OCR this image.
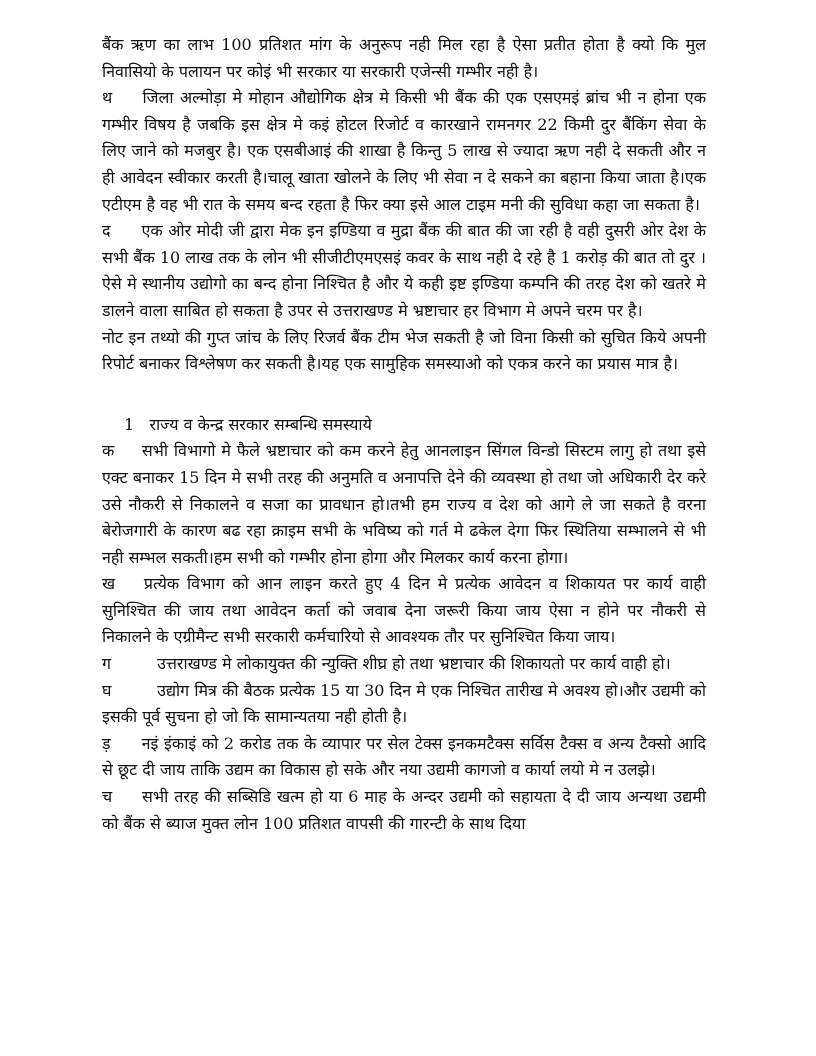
बैंक ऋण का लाभ 100 प्रतिशत मांग के अनुरूप नही मिल रहा है ऐसा प्रतीत होता है क्यो कि मुल निवासियो के पलायन पर कोइं भी सरकार या सरकारी एजेन्सी गम्भीर नही है।

थ जिला अल्मोड़ा मे मोहान औद्योगिक क्षेत्र मे किसी भी बैंक की एक एसएमइं ब्रांच भी न होना एक गम्भीर विषय है जबकि इस क्षेत्र मे कइं होटल रिजोर्ट व कारखाने रामनगर 22 किमी दुर बैंकिंग सेवा के लिए जाने को मजबुर है। एक एसबीआइं की शाखा है किन्तु 5 लाख से ज्यादा ऋण नही दे सकती और न ही आवेदन स्वीकार करती है।चालू खाता खोलने के लिए भी सेवा न दे सकने का बहाना किया जाता है।एक एटीएम है वह भी रात के समय बन्द रहता है फिर क्या इसे आल टाइम मनी की सुविधा कहा जा सकता है।

द एक ओर मोदी जी द्वारा मेक इन इण्डिया व मुद्रा बैंक की बात की जा रही है वही दुसरी ओर देश के सभी बैंक 10 लाख तक के लोन भी सीजीटीएमएसइं कवर के साथ नही दे रहे है 1 करोड़ की बात तो दुर । ऐसे मे स्थानीय उद्योगो का बन्द होना निश्चित है और ये कही इष्ट इण्डिया कम्पनि की तरह देश को खतरे मे डालने वाला साबित हो सकता है उपर से उत्तराखण्ड मे भ्रष्टाचार हर विभाग मे अपने चरम पर है।

नोट इन तथ्यो की गुप्त जांच के लिए रिजर्व बैंक टीम भेज सकती है जो विना किसी को सुचित किये अपनी रिपोर्ट बनाकर विश्लेषण कर सकती है।यह एक सामुहिक समस्याओ को एकत्र करने का प्रयास मात्र है।

1 राज्य व केन्द्र सरकार सम्बन्धि समस्याये

क सभी विभागो मे फैले भ्रष्टाचार को कम करने हेतु आनलाइन सिंगल विन्डो सिस्टम लागु हो तथा इसे एक्ट बनाकर 15 दिन मे सभी तरह की अनुमति व अनापत्ति देने की व्यवस्था हो तथा जो अधिकारी देर करे उसे नौकरी से निकालने व सजा का प्रावधान हो।तभी हम राज्य व देश को आगे ले जा सकते है वरना बेरोजगारी के कारण बढ रहा क्राइम सभी के भविष्य को गर्त मे ढकेल देगा फिर स्थितिया सम्भालने से भी नही सम्भल सकती।हम सभी को गम्भीर होना होगा और मिलकर कार्य करना होगा।

ख प्रत्येक विभाग को आन लाइन करते हुए 4 दिन मे प्रत्येक आवेदन व शिकायत पर कार्य वाही सुनिश्चित की जाय तथा आवेदन कर्ता को जवाब देना जरूरी किया जाय ऐसा न होने पर नौकरी से निकालने के एग्रीमैन्ट सभी सरकारी कर्मचारियो से आवश्यक तौर पर सुनिश्चित किया जाय।

ग	उत्तराखण्ड मे लोकायुक्त की न्युक्ति शीघ्र हो तथा भ्रष्टाचार की शिकायतो पर कार्य वाही हो।

घ	उद्योग मित्र की बैठक प्रत्येक 15 या 30 दिन मे एक निश्चित तारीख मे अवश्य हो।और उद्यमी को इसकी पूर्व सुचना हो जो कि सामान्यतया नही होती है।

ड़ नइं इंकाइं को 2 करोड तक के व्यापार पर सेल टेक्स इनकमटैक्स सर्विस टैक्स व अन्य टैक्सो आदि से छूट दी जाय ताकि उद्यम का विकास हो सके और नया उद्यमी कागजो व कार्या लयो मे न उलझे।

च सभी तरह की सब्सिडि खत्म हो या 6 माह के अन्दर उद्यमी को सहायता दे दी जाय अन्यथा उद्यमी को बैंक से ब्याज मुक्त लोन 100 प्रतिशत वापसी की गारन्टी के साथ दिया
